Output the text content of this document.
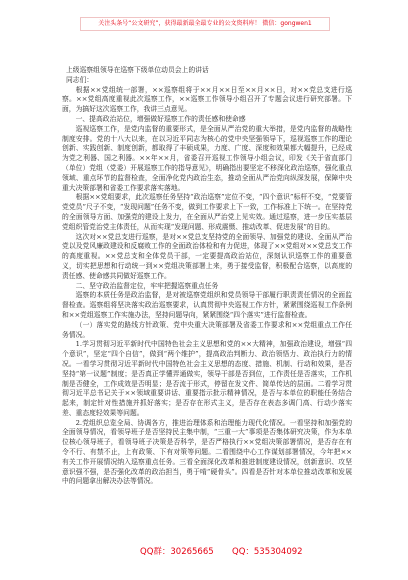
关注头条号“公文研究”，获得最新最全最专业的公文资料库！ 微信：gongwen1

上级巡察组领导在巡察下级单位动员会上的讲话

同志们：

根据××党组统一部署，××巡察组将于××月××日至××月××日，对××党总支进行巡察。××党组高度重视此次巡察工作，××巡察工作领导小组召开了专题会议进行研究部署。下面，为搞好这次巡察工作，我讲三点意见。

一、提高政治站位，增强做好巡察工作的责任感和使命感

巡视巡察工作，是党内监督的重要形式，是全面从严治党的重大举措，是党内监督的战略性制度安排。党的十八大以来，在以习近平同志为核心的党中央坚强领导下，巡视巡察工作的理论创新、实践创新、制度创新，都取得了丰硕成果，力度、广度、深度和效果都大幅提升，已经成为党之利器、国之利器。××年××月，省委召开巡视工作领导小组会议，印发《关于省直部门（单位）党组（党委）开展巡察工作的指导意见》，明确指出要坚定不移深化政治巡察，强化重点领域、重点环节的监督检查，全面净化党内政治生态，推动全面从严治党向纵深发展，保障中央重大决策部署和省委工作要求落实落地。

根据××党组要求，此次巡察任务坚持“政治巡察”定位不变，“四个意识”标杆不变，“党要管党党员”尺子不变，“发现问题”任务不变，做到工作要求上下一致，工作标准上下统一。在坚持党的全面领导方面、加强党的建设上发力，在全面从严治党上见实效。通过巡察，进一步压实基层党组织管党治党主体责任，从而实现“发现问题、形成震慑、推动改革、促进发展”的目的。

这次对××党总支进行巡察，是对××党总支坚持党的全面领导、加强党的建设、全面从严治党以及党风廉政建设和反腐败工作的全面政治体检和有力促进，体现了××党组对××党总支工作的高度重视。××党总支和全体党员干部，一定要提高政治站位，深刻认识巡察工作的重要意义，切实把思想和行动统一到××党组决策部署上来，勇于接受监督，积极配合巡察，以高度的责任感、使命感共同做好巡察工作。

二、坚守政治监督定位，牢牢把握巡察重点任务

巡察的本质任务是政治监督，是对被巡察党组织和党员领导干部履行职责责任情况的全面监督检查。巡察组将坚决落实政治巡察要求，认真贯彻中央巡视工作方针，紧紧围绕巡视工作条例和××党组巡察工作实施办法，坚持问题导向，紧紧围绕“四个落实”进行监督检查。

（一）落实党的路线方针政策、党中央重大决策部署及省委工作要求和××党组重点工作任务情况。

1.学习贯彻习近平新时代中国特色社会主义思想和党的××大精神，加强政治建设，增强“四个意识”，坚定“四个自信”，做到“两个维护”，提高政治判断力、政治领悟力、政治执行力的情况。一看学习贯彻习近平新时代中国特色社会主义思想的态度、措施、机制、行动和效果，是否坚持“第一议题”制度；是否真正学懂弄通做实，领导干部是否到位，工作责任是否落实，工作机制是否健全，工作成效是否明显；是否流于形式，停留在发文件、简单传达的层面。二看学习贯彻习近平总书记关于××领域重要讲话、重要指示批示精神情况，是否与本单位的职能任务结合起来，制定针对性措施并抓好落实；是否存在形式主义，是否存在表态多调门高、行动少落实差、重态度轻效果等问题。

2.党组织总览全局、协调各方，推进治理体系和治理能力现代化情况。一看坚持和加强党的全面领导情况，看领导班子是否坚持民主集中制，“三重一大”事项是否集体研究决策，作为本单位核心领导班子，看领导班子决策是否科学，是否严格执行××党组决策部署情况，是否存在有令不行、有禁不止，上有政策、下有对策等问题。二看围绕中心工作谋划部署情况，今年把××有关工作开展情况纳入巡察重点任务。三看全面深化改革和推进制度建设情况，创新意识、攻坚意识强不强，是否强化改革的政治担当，勇于啃“硬骨头”。四看是否针对本单位推动改革和发展中的问题拿出解决办法等情况。

QQ群：30265665 QQ：535304092
